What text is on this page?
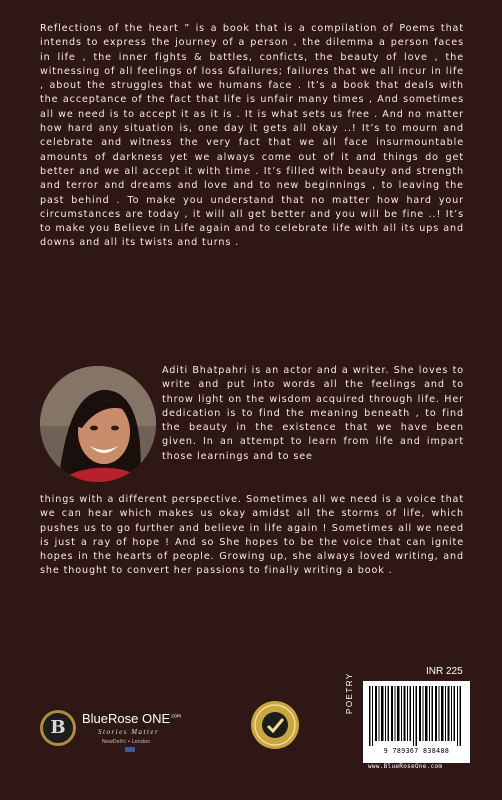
Reflections of the heart ” is a book that is a compilation of Poems that intends to express the journey of a person , the dilemma a person faces in life , the inner fights & battles, conficts, the beauty of love , the witnessing of all feelings of loss &failures; failures that we all incur in life , about the struggles that we humans face . It’s a book that deals with the acceptance of the fact that life is unfair many times , And sometimes all we need is to accept it as it is . It is what sets us free . And no matter how hard any situation is, one day it gets all okay ..! It’s to mourn and celebrate and witness the very fact that we all face insurmountable amounts of darkness yet we always come out of it and things do get better and we all accept it with time . It’s filled with beauty and strength and terror and dreams and love and to new beginnings , to leaving the past behind . To make you understand that no matter how hard your circumstances are today , it will all get better and you will be fine ..! It’s to make you Believe in Life again and to celebrate life with all its ups and downs and all its twists and turns .
Aditi Bhatpahri is an actor and a writer. She loves to write and put into words all the feelings and to throw light on the wisdom acquired through life. Her dedication is to find the meaning beneath , to find the beauty in the existence that we have been given. In an attempt to learn from life and impart those learnings and to see
things with a different perspective. Sometimes all we need is a voice that we can hear which makes us okay amidst all the storms of life, which pushes us to go further and believe in life again ! Sometimes all we need is just a ray of hope ! And so She hopes to be the voice that can ignite hopes in the hearts of people. Growing up, she always loved writing, and she thought to convert her passions to finally writing a book .
B	BlueRose $ONE^{.com}$
Stories Matter
NewDelhi • London
INR 225
POETRY
9 789367 838488
www.BlueRoseOne.com
